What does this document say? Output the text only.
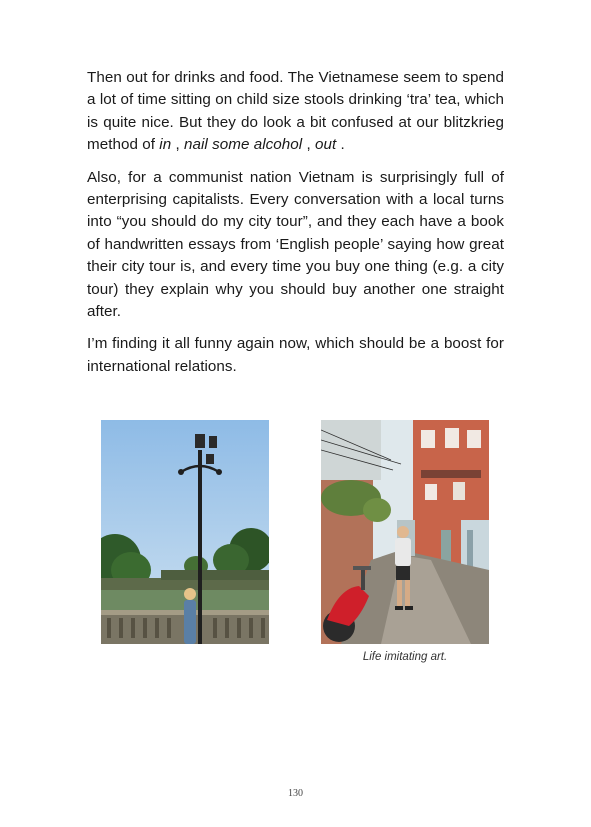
Then out for drinks and food. The Vietnamese seem to spend a lot of time sitting on child size stools drinking ‘tra’ tea, which is quite nice. But they do look a bit confused at our blitzkrieg method of in , nail some alcohol , out .

Also, for a communist nation Vietnam is surprisingly full of enterprising capitalists. Every conversation with a local turns into “you should do my city tour”, and they each have a book of handwritten essays from ‘English people’ saying how great their city tour is, and every time you buy one thing (e.g. a city tour) they explain why you should buy another one straight after.

I’m finding it all funny again now, which should be a boost for international relations.

Life imitating art.
130
